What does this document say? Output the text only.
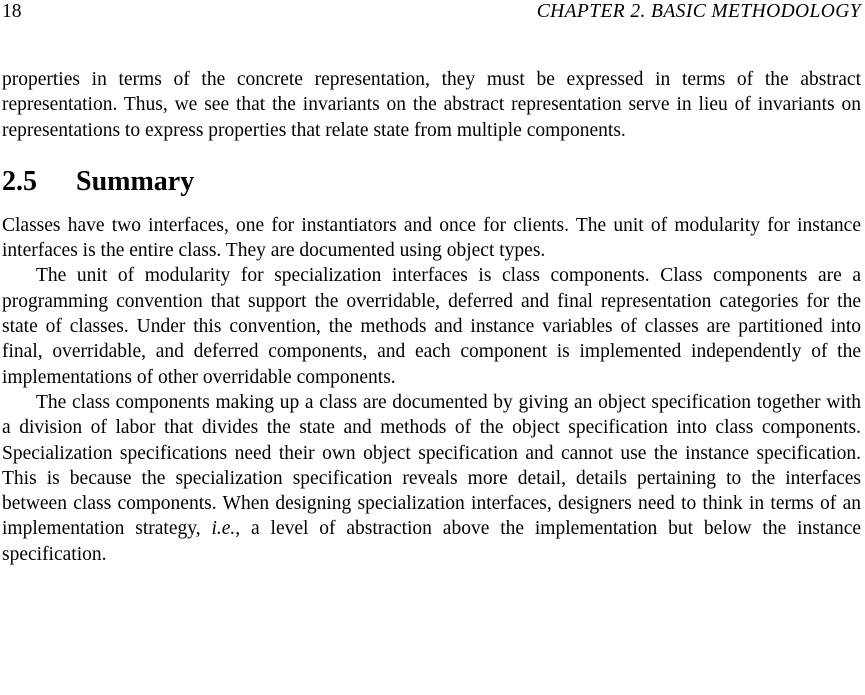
18	CHAPTER 2. BASIC METHODOLOGY

properties in terms of the concrete representation, they must be expressed in terms of the abstract representation. Thus, we see that the invariants on the abstract representation serve in lieu of invariants on representations to express properties that relate state from multiple components.

2.5	Summary

Classes have two interfaces, one for instantiators and once for clients. The unit of modularity for instance interfaces is the entire class. They are documented using object types.

The unit of modularity for specialization interfaces is class components. Class components are a programming convention that support the overridable, deferred and final representation categories for the state of classes. Under this convention, the methods and instance variables of classes are partitioned into final, overridable, and deferred components, and each component is implemented independently of the implementations of other overridable components.

The class components making up a class are documented by giving an object specification together with a division of labor that divides the state and methods of the object specification into class components. Specialization specifications need their own object specification and cannot use the instance specification. This is because the specialization specification reveals more detail, details pertaining to the interfaces between class components. When designing specialization interfaces, designers need to think in terms of an implementation strategy, i.e., a level of abstraction above the implementation but below the instance specification.
